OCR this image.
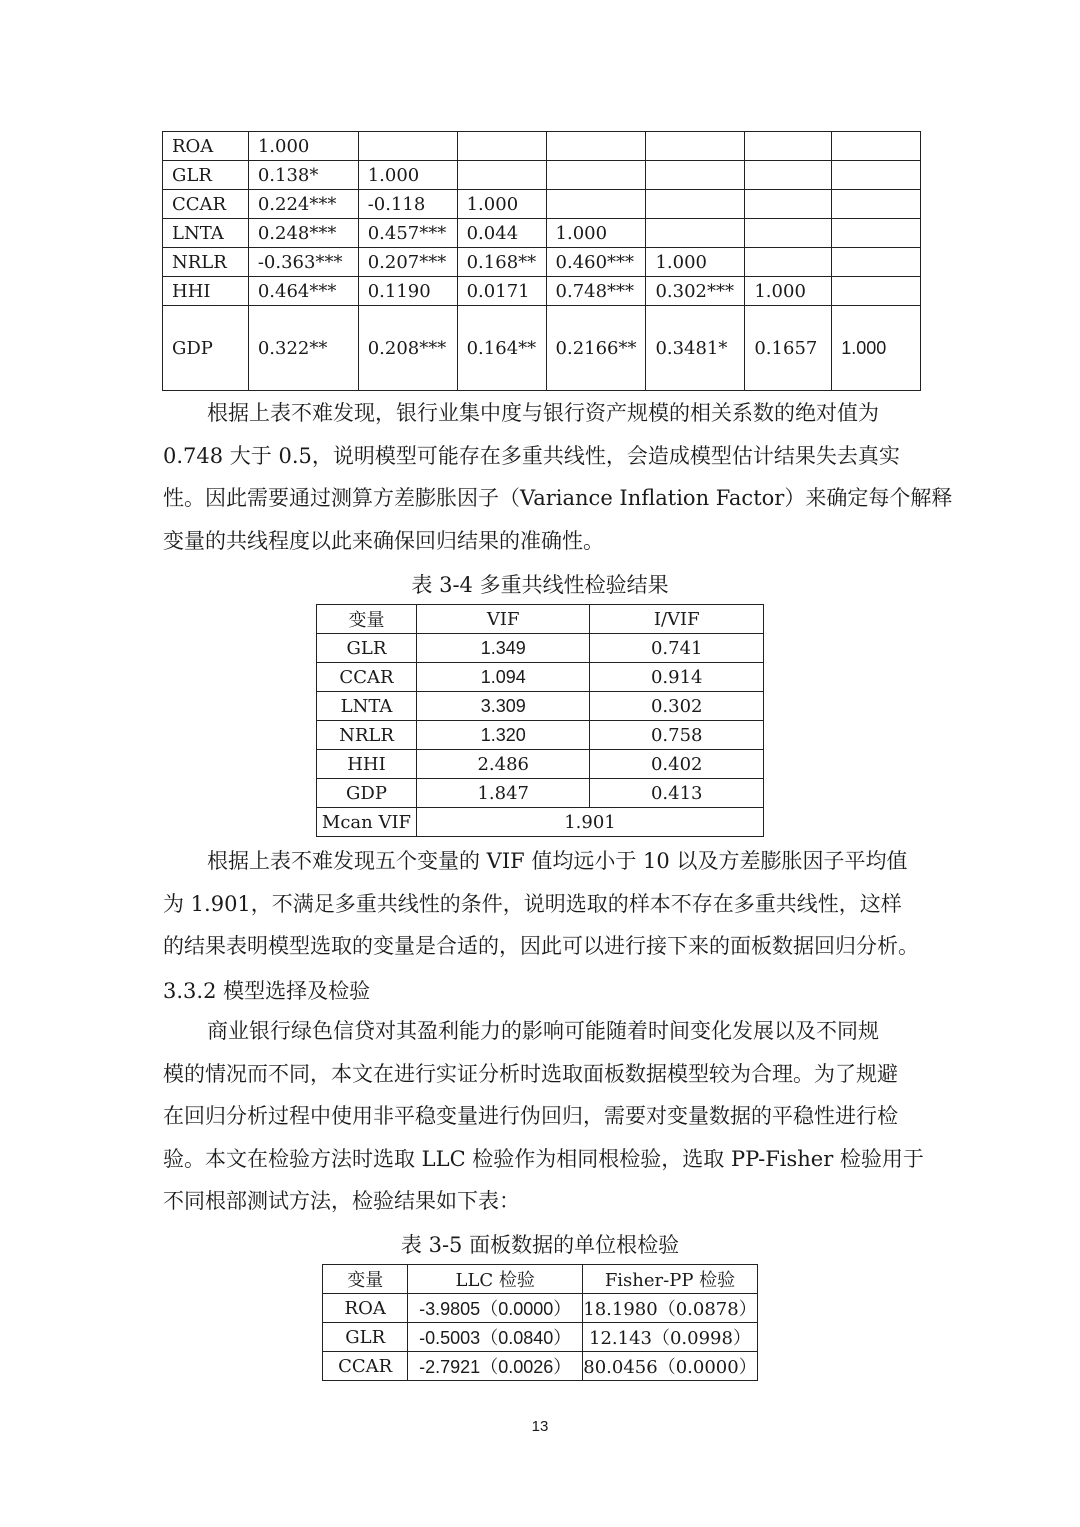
ROA	1.000						
GLR	0.138*	1.000					
CCAR	0.224***	-0.118	1.000				
LNTA	0.248***	0.457***	0.044	1.000			
NRLR	-0.363***	0.207***	0.168**	0.460***	1.000		
HHI	0.464***	0.1190	0.0171	0.748***	0.302***	1.000	
GDP	0.322**	0.208***	0.164**	0.2166**	0.3481*	0.1657	1.000

根据上表不难发现，银行业集中度与银行资产规模的相关系数的绝对值为
0.748 大于 0.5，说明模型可能存在多重共线性，会造成模型估计结果失去真实
性。因此需要通过测算方差膨胀因子（Variance Inflation Factor）来确定每个解释
变量的共线程度以此来确保回归结果的准确性。

表 3-4 多重共线性检验结果
变量	VIF	I/VIF
GLR	1.349	0.741
CCAR	1.094	0.914
LNTA	3.309	0.302
NRLR	1.320	0.758
HHI	2.486	0.402
GDP	1.847	0.413
Mcan VIF	1.901	

根据上表不难发现五个变量的 VIF 值均远小于 10 以及方差膨胀因子平均值
为 1.901，不满足多重共线性的条件，说明选取的样本不存在多重共线性，这样
的结果表明模型选取的变量是合适的，因此可以进行接下来的面板数据回归分析。

3.3.2 模型选择及检验

商业银行绿色信贷对其盈利能力的影响可能随着时间变化发展以及不同规
模的情况而不同，本文在进行实证分析时选取面板数据模型较为合理。为了规避
在回归分析过程中使用非平稳变量进行伪回归，需要对变量数据的平稳性进行检
验。本文在检验方法时选取 LLC 检验作为相同根检验，选取 PP-Fisher 检验用于
不同根部测试方法，检验结果如下表：

表 3-5 面板数据的单位根检验
变量	LLC 检验	Fisher-PP 检验
ROA	-3.9805（0.0000）	18.1980（0.0878）
GLR	-0.5003（0.0840）	12.143（0.0998）
CCAR	-2.7921（0.0026）	80.0456（0.0000）
13
